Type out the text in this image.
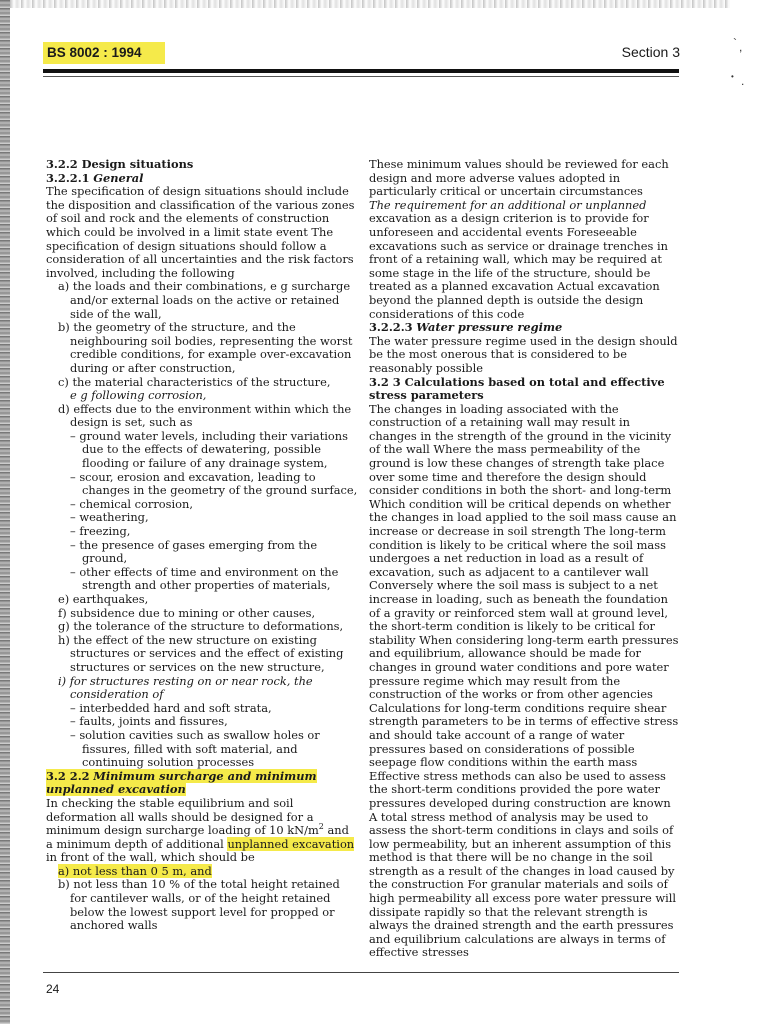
BS 8002 : 1994	Section 3
` ,
• .

3.2.2 Design situations

3.2.2.1 General

The specification of design situations should include the disposition and classification of the various zones of soil and rock and the elements of construction which could be involved in a limit state event The specification of design situations should follow a consideration of all uncertainties and the risk factors involved, including the following

a) the loads and their combinations, e g surcharge and/or external loads on the active or retained side of the wall,

b) the geometry of the structure, and the neighbouring soil bodies, representing the worst credible conditions, for example over-excavation during or after construction,

c) the material characteristics of the structure,
e g following corrosion,

d) effects due to the environment within which the design is set, such as

– ground water levels, including their variations due to the effects of dewatering, possible flooding or failure of any drainage system,

– scour, erosion and excavation, leading to changes in the geometry of the ground surface,

– chemical corrosion,

– weathering,

– freezing,

– the presence of gases emerging from the ground,

– other effects of time and environment on the strength and other properties of materials,

e) earthquakes,

f) subsidence due to mining or other causes,

g) the tolerance of the structure to deformations,

h) the effect of the new structure on existing structures or services and the effect of existing structures or services on the new structure,

i) for structures resting on or near rock, the consideration of

– interbedded hard and soft strata,

– faults, joints and fissures,

– solution cavities such as swallow holes or fissures, filled with soft material, and continuing solution processes

3.2 2.2 Minimum surcharge and minimum unplanned excavation

In checking the stable equilibrium and soil deformation all walls should be designed for a minimum design surcharge loading of 10 $kN/m^2$ and a minimum depth of additional unplanned excavation in front of the wall, which should be

a) not less than 0 5 m, and

b) not less than 10 % of the total height retained for cantilever walls, or of the height retained below the lowest support level for propped or anchored walls

These minimum values should be reviewed for each design and more adverse values adopted in particularly critical or uncertain circumstances

The requirement for an additional or unplanned excavation as a design criterion is to provide for unforeseen and accidental events Foreseeable excavations such as service or drainage trenches in front of a retaining wall, which may be required at some stage in the life of the structure, should be treated as a planned excavation Actual excavation beyond the planned depth is outside the design considerations of this code

3.2.2.3 Water pressure regime

The water pressure regime used in the design should be the most onerous that is considered to be reasonably possible

3.2 3 Calculations based on total and effective stress parameters

The changes in loading associated with the construction of a retaining wall may result in changes in the strength of the ground in the vicinity of the wall Where the mass permeability of the ground is low these changes of strength take place over some time and therefore the design should consider conditions in both the short- and long-term Which condition will be critical depends on whether the changes in load applied to the soil mass cause an increase or decrease in soil strength The long-term condition is likely to be critical where the soil mass undergoes a net reduction in load as a result of excavation, such as adjacent to a cantilever wall Conversely where the soil mass is subject to a net increase in loading, such as beneath the foundation of a gravity or reinforced stem wall at ground level, the short-term condition is likely to be critical for stability When considering long-term earth pressures and equilibrium, allowance should be made for changes in ground water conditions and pore water pressure regime which may result from the construction of the works or from other agencies

Calculations for long-term conditions require shear strength parameters to be in terms of effective stress and should take account of a range of water pressures based on considerations of possible seepage flow conditions within the earth mass Effective stress methods can also be used to assess the short-term conditions provided the pore water pressures developed during construction are known A total stress method of analysis may be used to assess the short-term conditions in clays and soils of low permeability, but an inherent assumption of this method is that there will be no change in the soil strength as a result of the changes in load caused by the construction For granular materials and soils of high permeability all excess pore water pressure will dissipate rapidly so that the relevant strength is always the drained strength and the earth pressures and equilibrium calculations are always in terms of effective stresses

24
